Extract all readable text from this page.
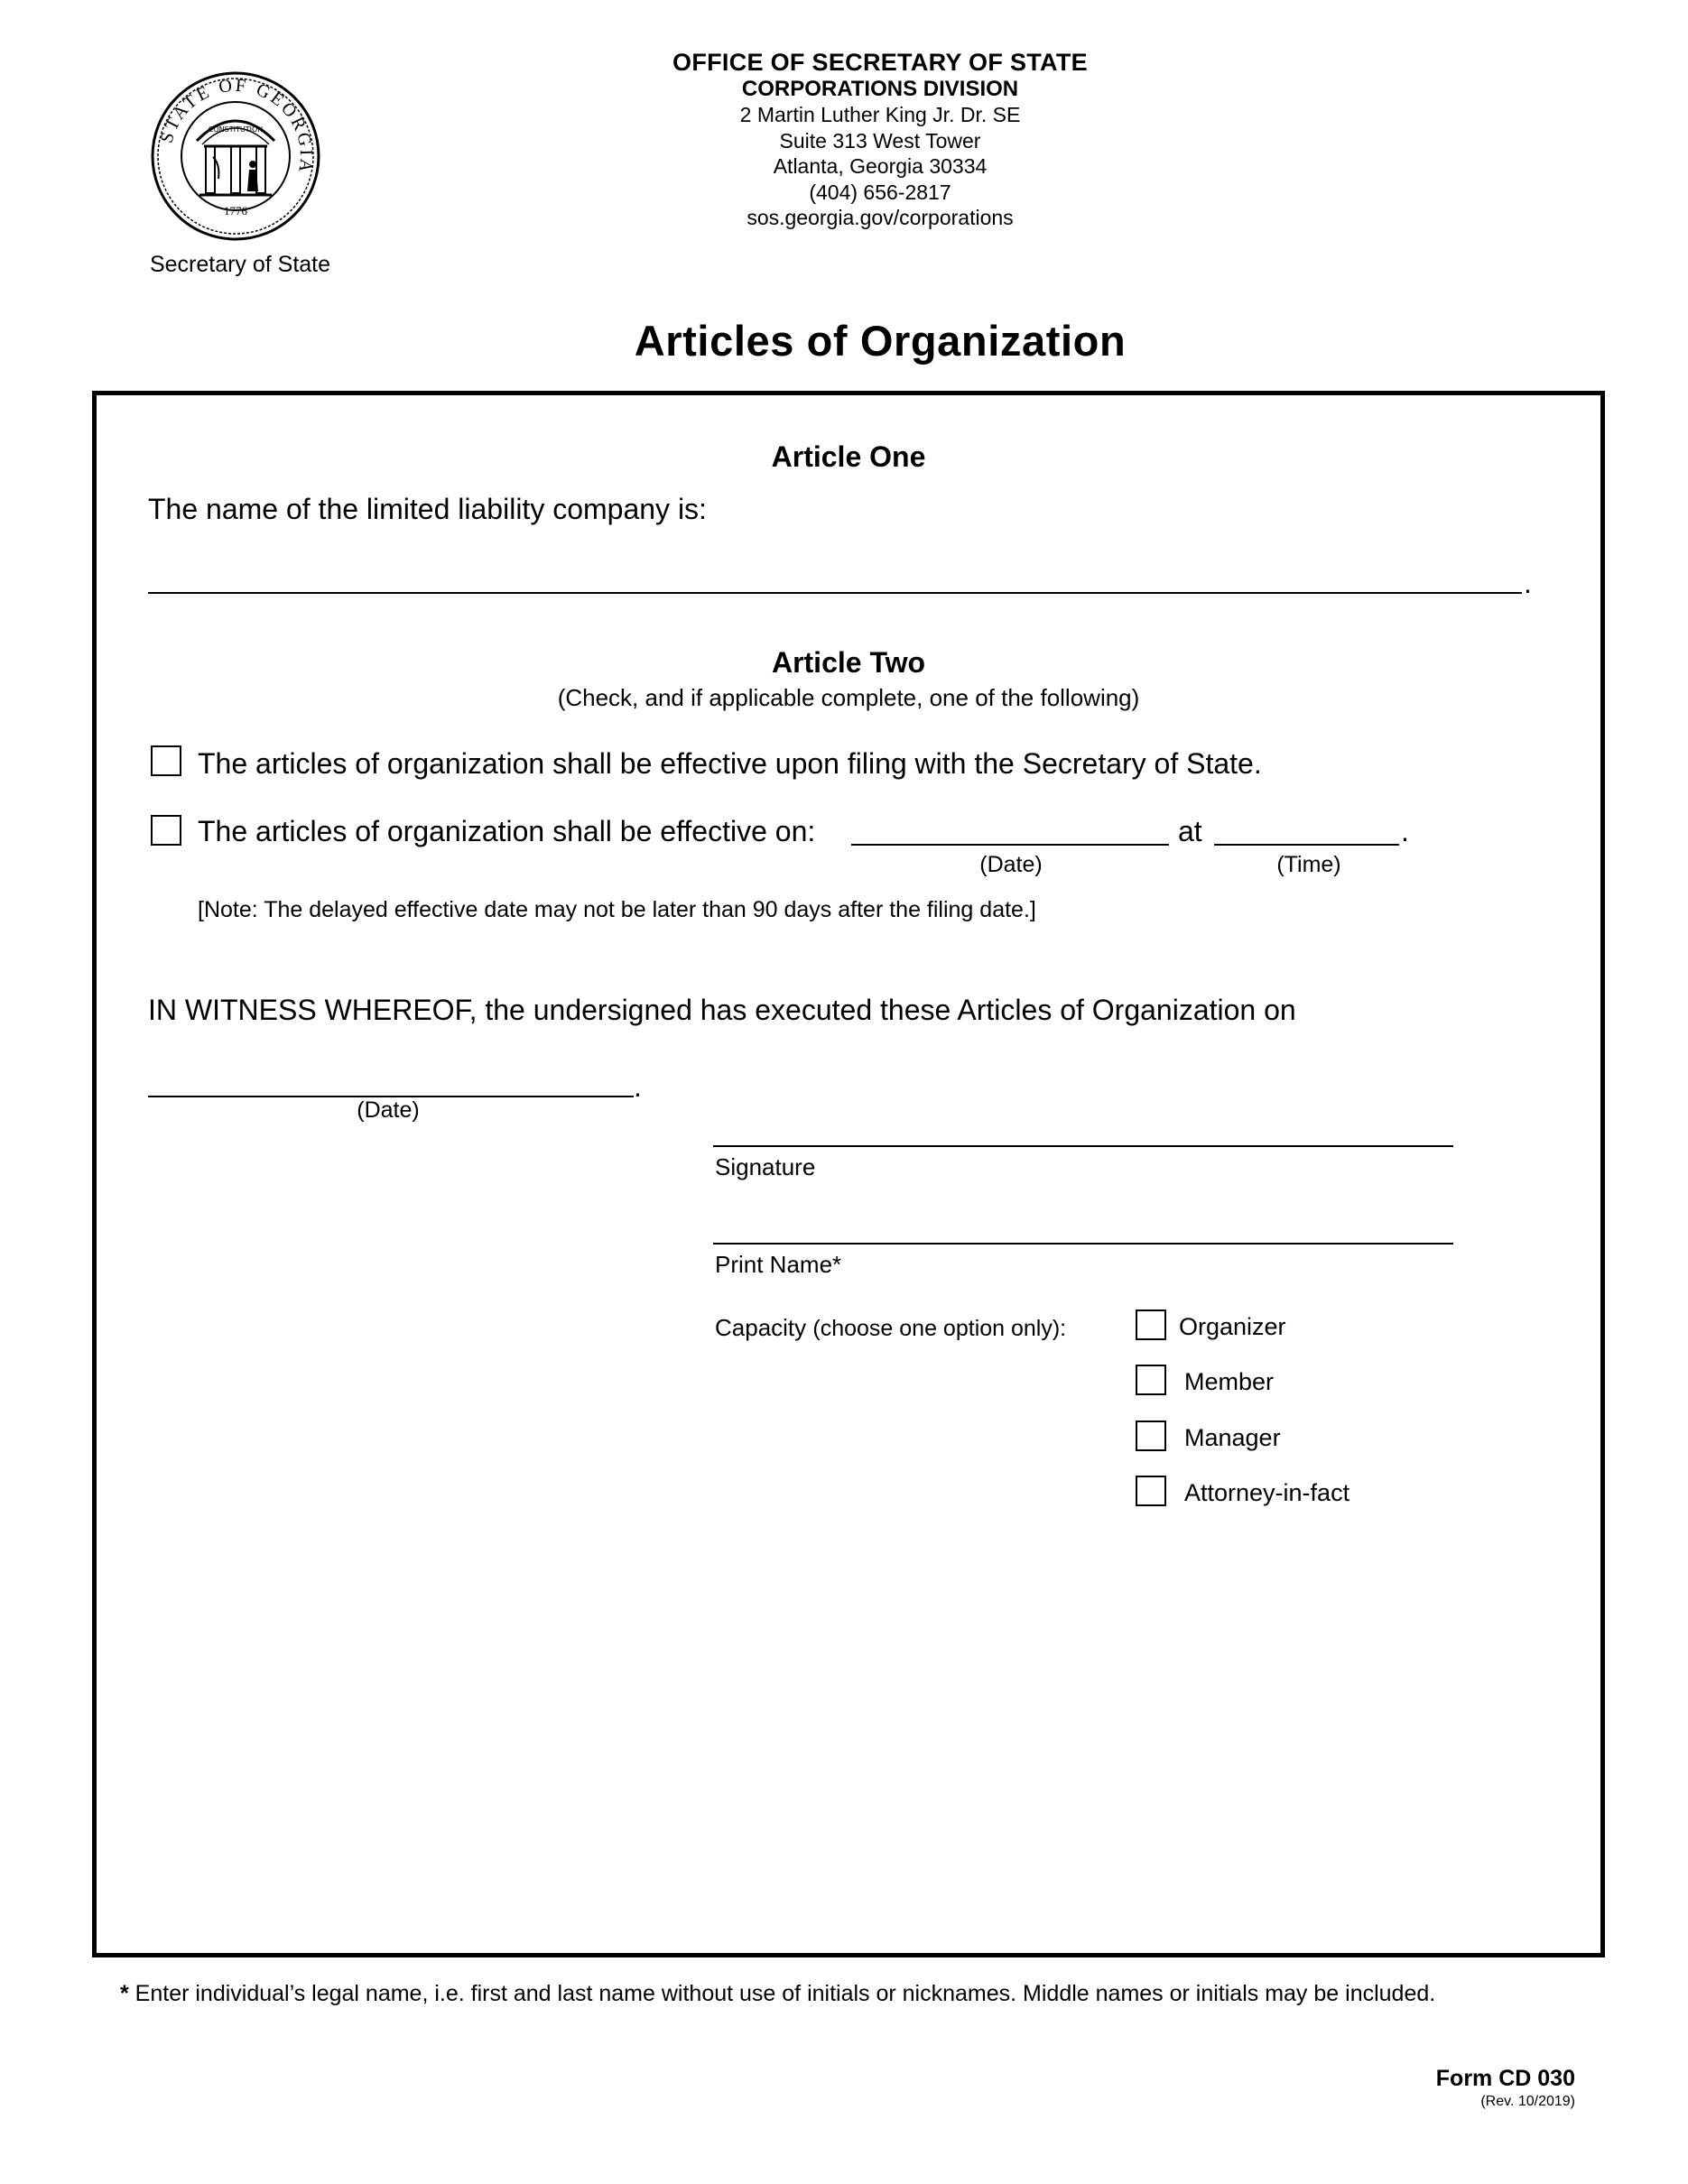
STATE OF GEORGIA
CONSTITUTION
1776
Secretary of State
OFFICE OF SECRETARY OF STATE
CORPORATIONS DIVISION
2 Martin Luther King Jr. Dr. SE
Suite 313 West Tower
Atlanta, Georgia 30334
(404) 656-2817
sos.georgia.gov/corporations
Articles of Organization
Article One
The name of the limited liability company is:
.
Article Two
(Check, and if applicable complete, one of the following)
The articles of organization shall be effective upon filing with the Secretary of State.
The articles of organization shall be effective on:	at	.
(Date)	(Time)
[Note: The delayed effective date may not be later than 90 days after the filing date.]
IN WITNESS WHEREOF, the undersigned has executed these Articles of Organization on
.
(Date)
Signature
Print Name*
Capacity (choose one option only):	Organizer
Member
Manager
Attorney-in-fact
* Enter individual’s legal name, i.e. first and last name without use of initials or nicknames. Middle names or initials may be included.
Form CD 030
(Rev. 10/2019)
